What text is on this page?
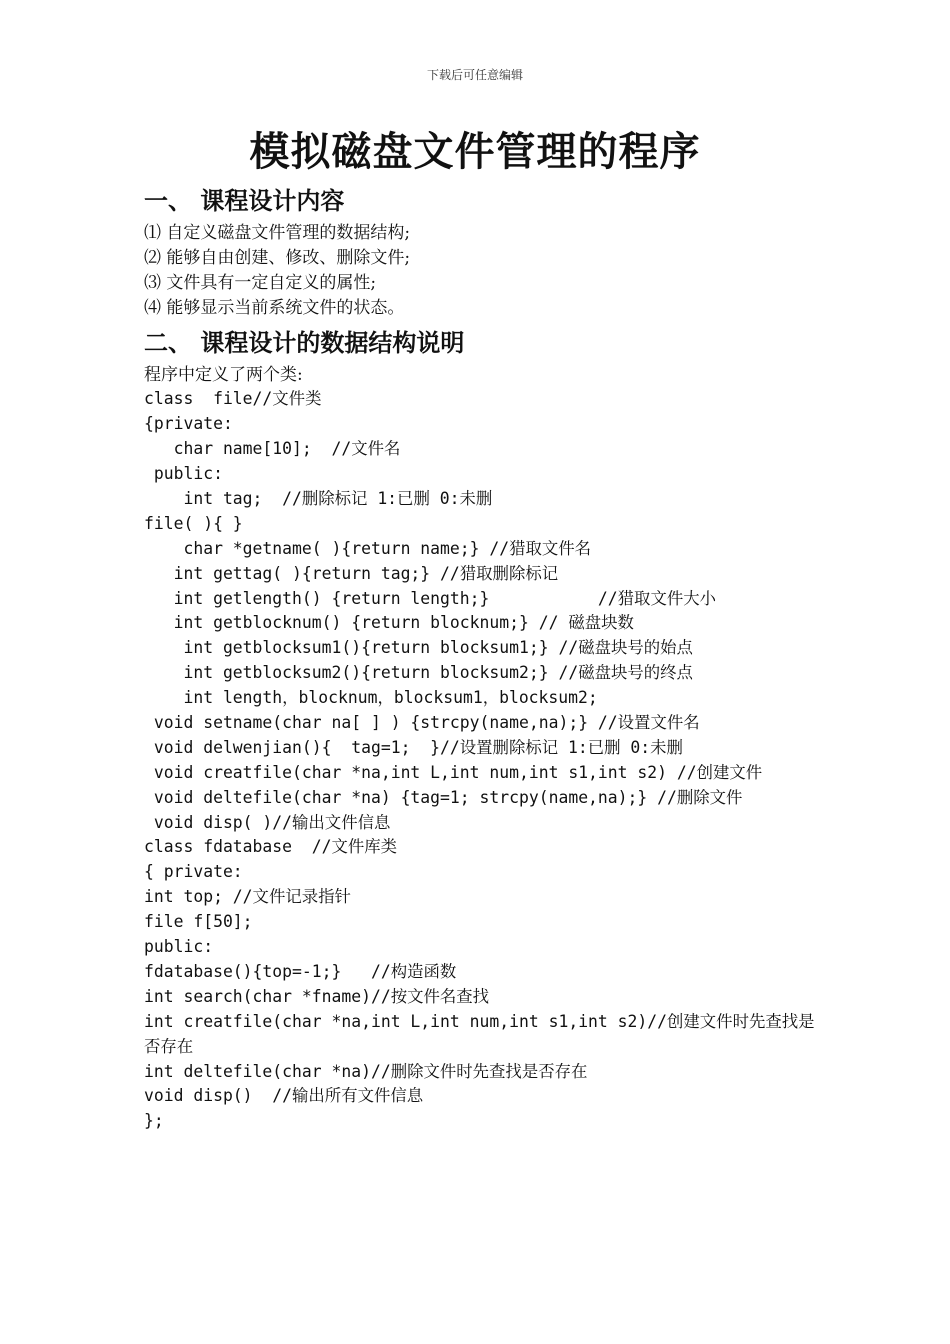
下载后可任意编辑
模拟磁盘文件管理的程序
一、 课程设计内容
⑴ 自定义磁盘文件管理的数据结构;
⑵ 能够自由创建、修改、删除文件;
⑶ 文件具有一定自定义的属性;
⑷ 能够显示当前系统文件的状态。
二、 课程设计的数据结构说明

程序中定义了两个类:

class  file//文件类
{private:
char name[10];  //文件名
public:
int tag;  //删除标记 1:已删 0:未删
file( ){ }
char *getname( ){return name;} //猎取文件名
int gettag( ){return tag;} //猎取删除标记
int getlength() {return length;}           //猎取文件大小
int getblocknum() {return blocknum;} // 磁盘块数
int getblocksum1(){return blocksum1;} //磁盘块号的始点
int getblocksum2(){return blocksum2;} //磁盘块号的终点
int length，blocknum，blocksum1，blocksum2;
void setname(char na[ ] ) {strcpy(name,na);} //设置文件名
void delwenjian(){  tag=1;  }//设置删除标记 1:已删 0:未删
void creatfile(char *na,int L,int num,int s1,int s2) //创建文件
void deltefile(char *na) {tag=1; strcpy(name,na);} //删除文件
void disp( )//输出文件信息
class fdatabase  //文件库类
{ private:
int top; //文件记录指针
file f[50];
public:
fdatabase(){top=-1;}   //构造函数
int search(char *fname)//按文件名查找
int creatfile(char *na,int L,int num,int s1,int s2)//创建文件时先查找是否存在
int deltefile(char *na)//删除文件时先查找是否存在
void disp()  //输出所有文件信息
};
